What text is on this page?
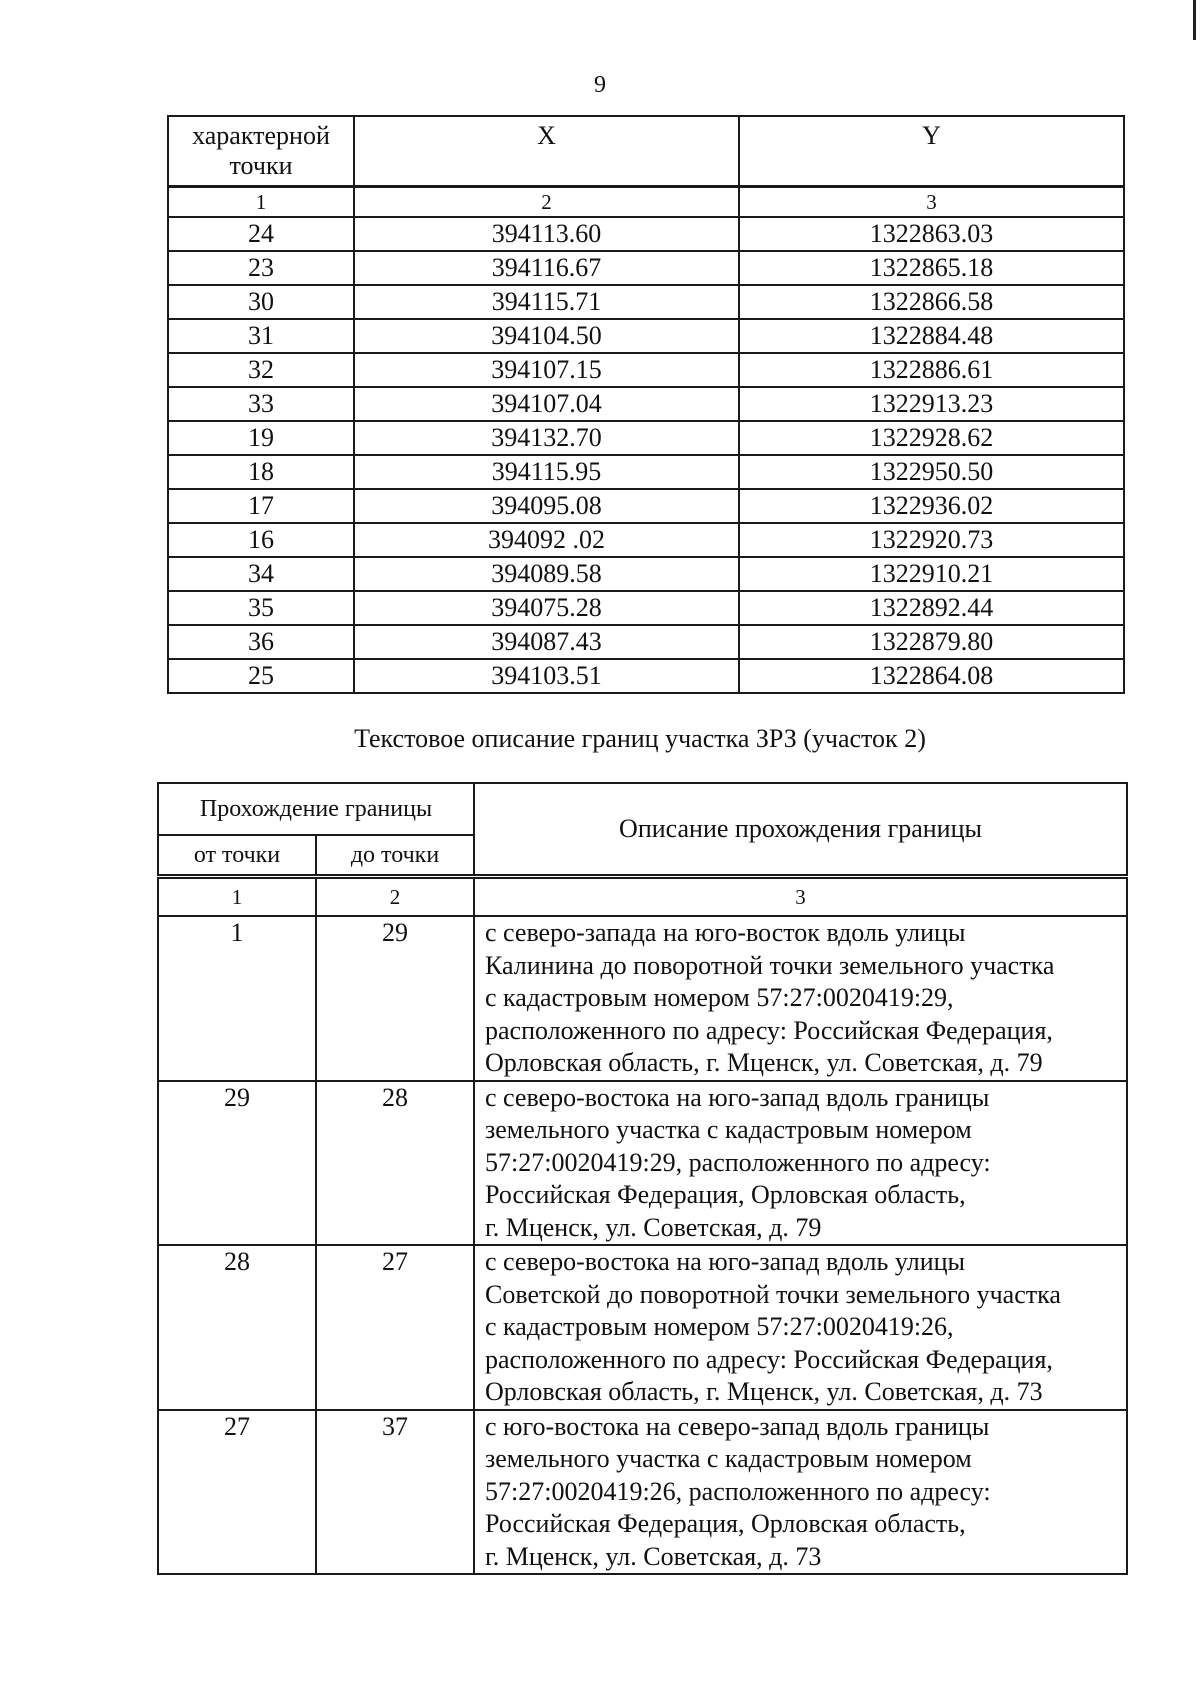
9
характерной точки	X	Y
1	2	3
24	394113.60	1322863.03
23	394116.67	1322865.18
30	394115.71	1322866.58
31	394104.50	1322884.48
32	394107.15	1322886.61
33	394107.04	1322913.23
19	394132.70	1322928.62
18	394115.95	1322950.50
17	394095.08	1322936.02
16	394092 .02	1322920.73
34	394089.58	1322910.21
35	394075.28	1322892.44
36	394087.43	1322879.80
25	394103.51	1322864.08
Текстовое описание границ участка ЗРЗ (участок 2)
Прохождение границы		Описание прохождения границы
от точки	до точки	
1	2	3
1	29	с северо-запада на юго-восток вдоль улицы
Калинина до поворотной точки земельного участка
с кадастровым номером 57:27:0020419:29,
расположенного по адресу: Российская Федерация,
Орловская область, г. Мценск, ул. Советская, д. 79

29	28	с северо-востока на юго-запад вдоль границы
земельного участка с кадастровым номером
57:27:0020419:29, расположенного по адресу:
Российская Федерация, Орловская область,
г. Мценск, ул. Советская, д. 79

28	27	с северо-востока на юго-запад вдоль улицы
Советской до поворотной точки земельного участка
с кадастровым номером 57:27:0020419:26,
расположенного по адресу: Российская Федерация,
Орловская область, г. Мценск, ул. Советская, д. 73

27	37	с юго-востока на северо-запад вдоль границы
земельного участка с кадастровым номером
57:27:0020419:26, расположенного по адресу:
Российская Федерация, Орловская область,
г. Мценск, ул. Советская, д. 73
